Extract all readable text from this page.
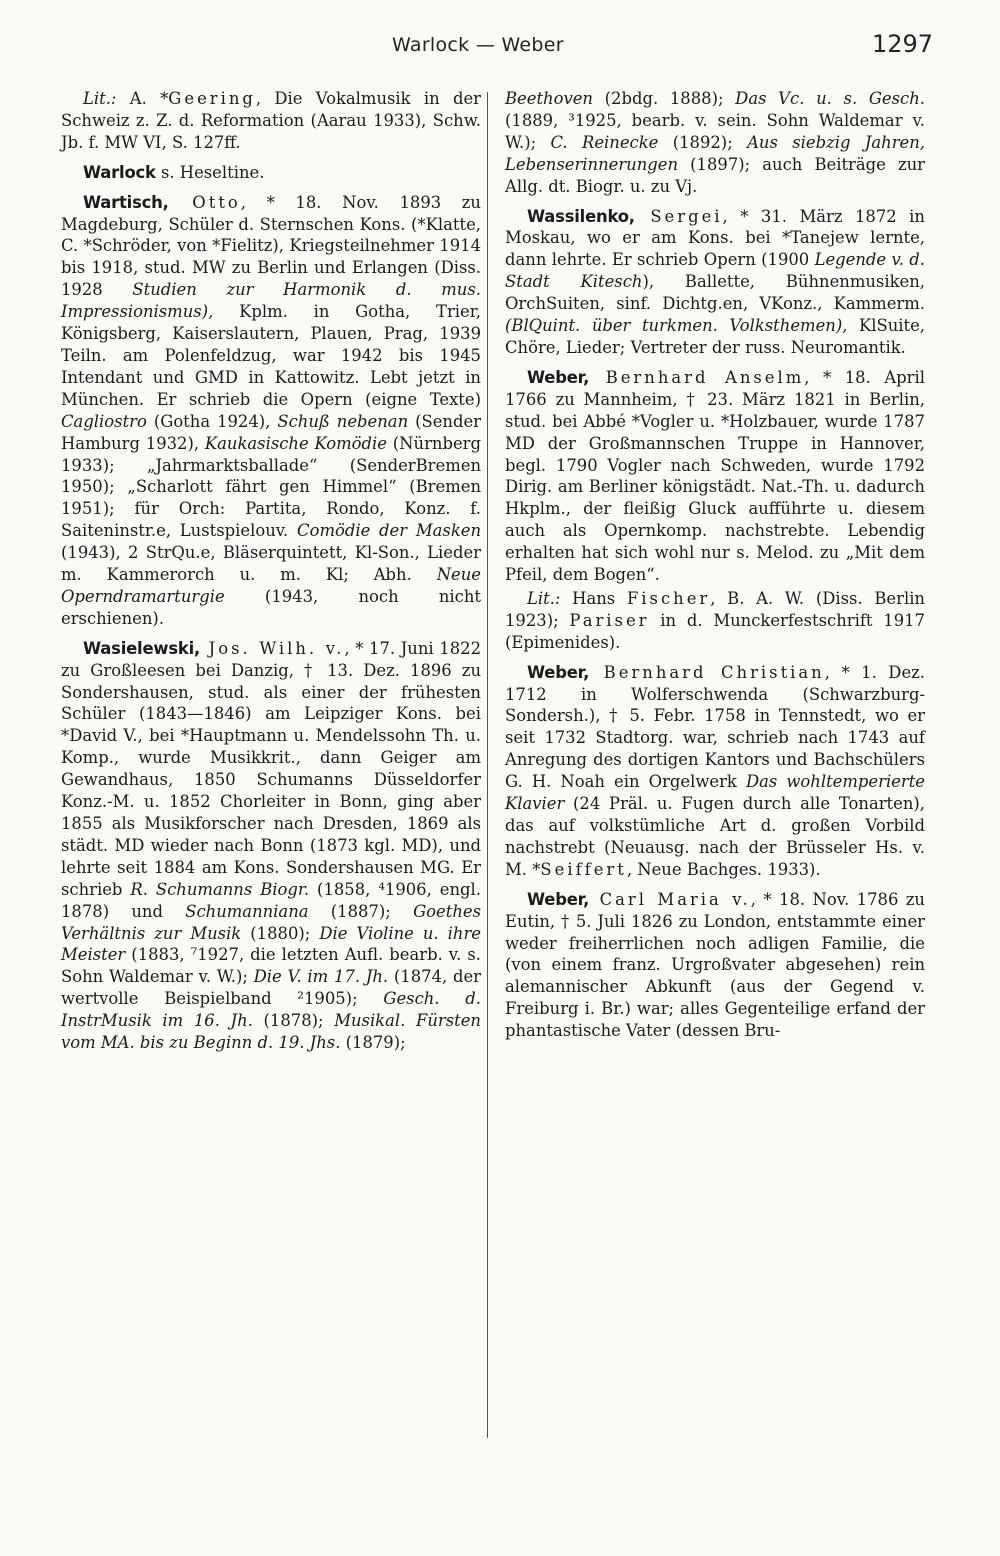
Warlock — Weber	1297

Lit.: A. *Geering, Die Vokalmusik in der Schweiz z. Z. d. Reformation (Aarau 1933), Schw. Jb. f. MW VI, S. 127ff.

Warlock s. Heseltine.

Wartisch, Otto, * 18. Nov. 1893 zu Magdeburg, Schüler d. Sternschen Kons. (*Klatte, C. *Schröder, von *Fielitz), Kriegsteilnehmer 1914 bis 1918, stud. MW zu Berlin und Erlangen (Diss. 1928 Studien zur Harmonik d. mus. Impressionismus), Kplm. in Gotha, Trier, Königsberg, Kaiserslautern, Plauen, Prag, 1939 Teiln. am Polenfeldzug, war 1942 bis 1945 Intendant und GMD in Kattowitz. Lebt jetzt in München. Er schrieb die Opern (eigne Texte) Cagliostro (Gotha 1924), Schuß nebenan (Sender Hamburg 1932), Kaukasische Komödie (Nürnberg 1933); „Jahrmarktsballade“ (SenderBremen 1950); „Scharlott fährt gen Himmel“ (Bremen 1951); für Orch: Partita, Rondo, Konz. f. Saiteninstr.e, Lustspielouv. Comödie der Masken (1943), 2 StrQu.e, Bläserquintett, Kl-Son., Lieder m. Kammerorch u. m. Kl; Abh. Neue Operndramarturgie (1943, noch nicht erschienen).

Wasielewski, Jos. Wilh. v., * 17. Juni 1822 zu Großleesen bei Danzig, † 13. Dez. 1896 zu Sondershausen, stud. als einer der frühesten Schüler (1843—1846) am Leipziger Kons. bei *David V., bei *Hauptmann u. Mendelssohn Th. u. Komp., wurde Musikkrit., dann Geiger am Gewandhaus, 1850 Schumanns Düsseldorfer Konz.-M. u. 1852 Chorleiter in Bonn, ging aber 1855 als Musikforscher nach Dresden, 1869 als städt. MD wieder nach Bonn (1873 kgl. MD), und lehrte seit 1884 am Kons. Sondershausen MG. Er schrieb R. Schumanns Biogr. (1858, ⁴1906, engl. 1878) und Schumanniana (1887); Goethes Verhältnis zur Musik (1880); Die Violine u. ihre Meister (1883, ⁷1927, die letzten Aufl. bearb. v. s. Sohn Waldemar v. W.); Die V. im 17. Jh. (1874, der wertvolle Beispielband ²1905); Gesch. d. InstrMusik im 16. Jh. (1878); Musikal. Fürsten vom MA. bis zu Beginn d. 19. Jhs. (1879);

Beethoven (2bdg. 1888); Das Vc. u. s. Gesch. (1889, ³1925, bearb. v. sein. Sohn Waldemar v. W.); C. Reinecke (1892); Aus siebzig Jahren, Lebenserinnerungen (1897); auch Beiträge zur Allg. dt. Biogr. u. zu Vj.

Wassilenko, Sergei, * 31. März 1872 in Moskau, wo er am Kons. bei *Tanejew lernte, dann lehrte. Er schrieb Opern (1900 Legende v. d. Stadt Kitesch), Ballette, Bühnenmusiken, OrchSuiten, sinf. Dichtg.en, VKonz., Kammerm. (BlQuint. über turkmen. Volksthemen), KlSuite, Chöre, Lieder; Vertreter der russ. Neuromantik.

Weber, Bernhard Anselm, * 18. April 1766 zu Mannheim, † 23. März 1821 in Berlin, stud. bei Abbé *Vogler u. *Holzbauer, wurde 1787 MD der Großmannschen Truppe in Hannover, begl. 1790 Vogler nach Schweden, wurde 1792 Dirig. am Berliner königstädt. Nat.-Th. u. dadurch Hkplm., der fleißig Gluck aufführte u. diesem auch als Opernkomp. nachstrebte. Lebendig erhalten hat sich wohl nur s. Melod. zu „Mit dem Pfeil, dem Bogen“.

Lit.: Hans Fischer, B. A. W. (Diss. Berlin 1923); Pariser in d. Munckerfestschrift 1917 (Epimenides).

Weber, Bernhard Christian, * 1. Dez. 1712 in Wolferschwenda (Schwarzburg-Sondersh.), † 5. Febr. 1758 in Tennstedt, wo er seit 1732 Stadtorg. war, schrieb nach 1743 auf Anregung des dortigen Kantors und Bachschülers G. H. Noah ein Orgelwerk Das wohltemperierte Klavier (24 Präl. u. Fugen durch alle Tonarten), das auf volkstümliche Art d. großen Vorbild nachstrebt (Neuausg. nach der Brüsseler Hs. v. M. *Seiffert, Neue Bachges. 1933).

Weber, Carl Maria v., * 18. Nov. 1786 zu Eutin, † 5. Juli 1826 zu London, entstammte einer weder freiherrlichen noch adligen Familie, die (von einem franz. Urgroßvater abgesehen) rein alemannischer Abkunft (aus der Gegend v. Freiburg i. Br.) war; alles Gegenteilige erfand der phantastische Vater (dessen Bru-
